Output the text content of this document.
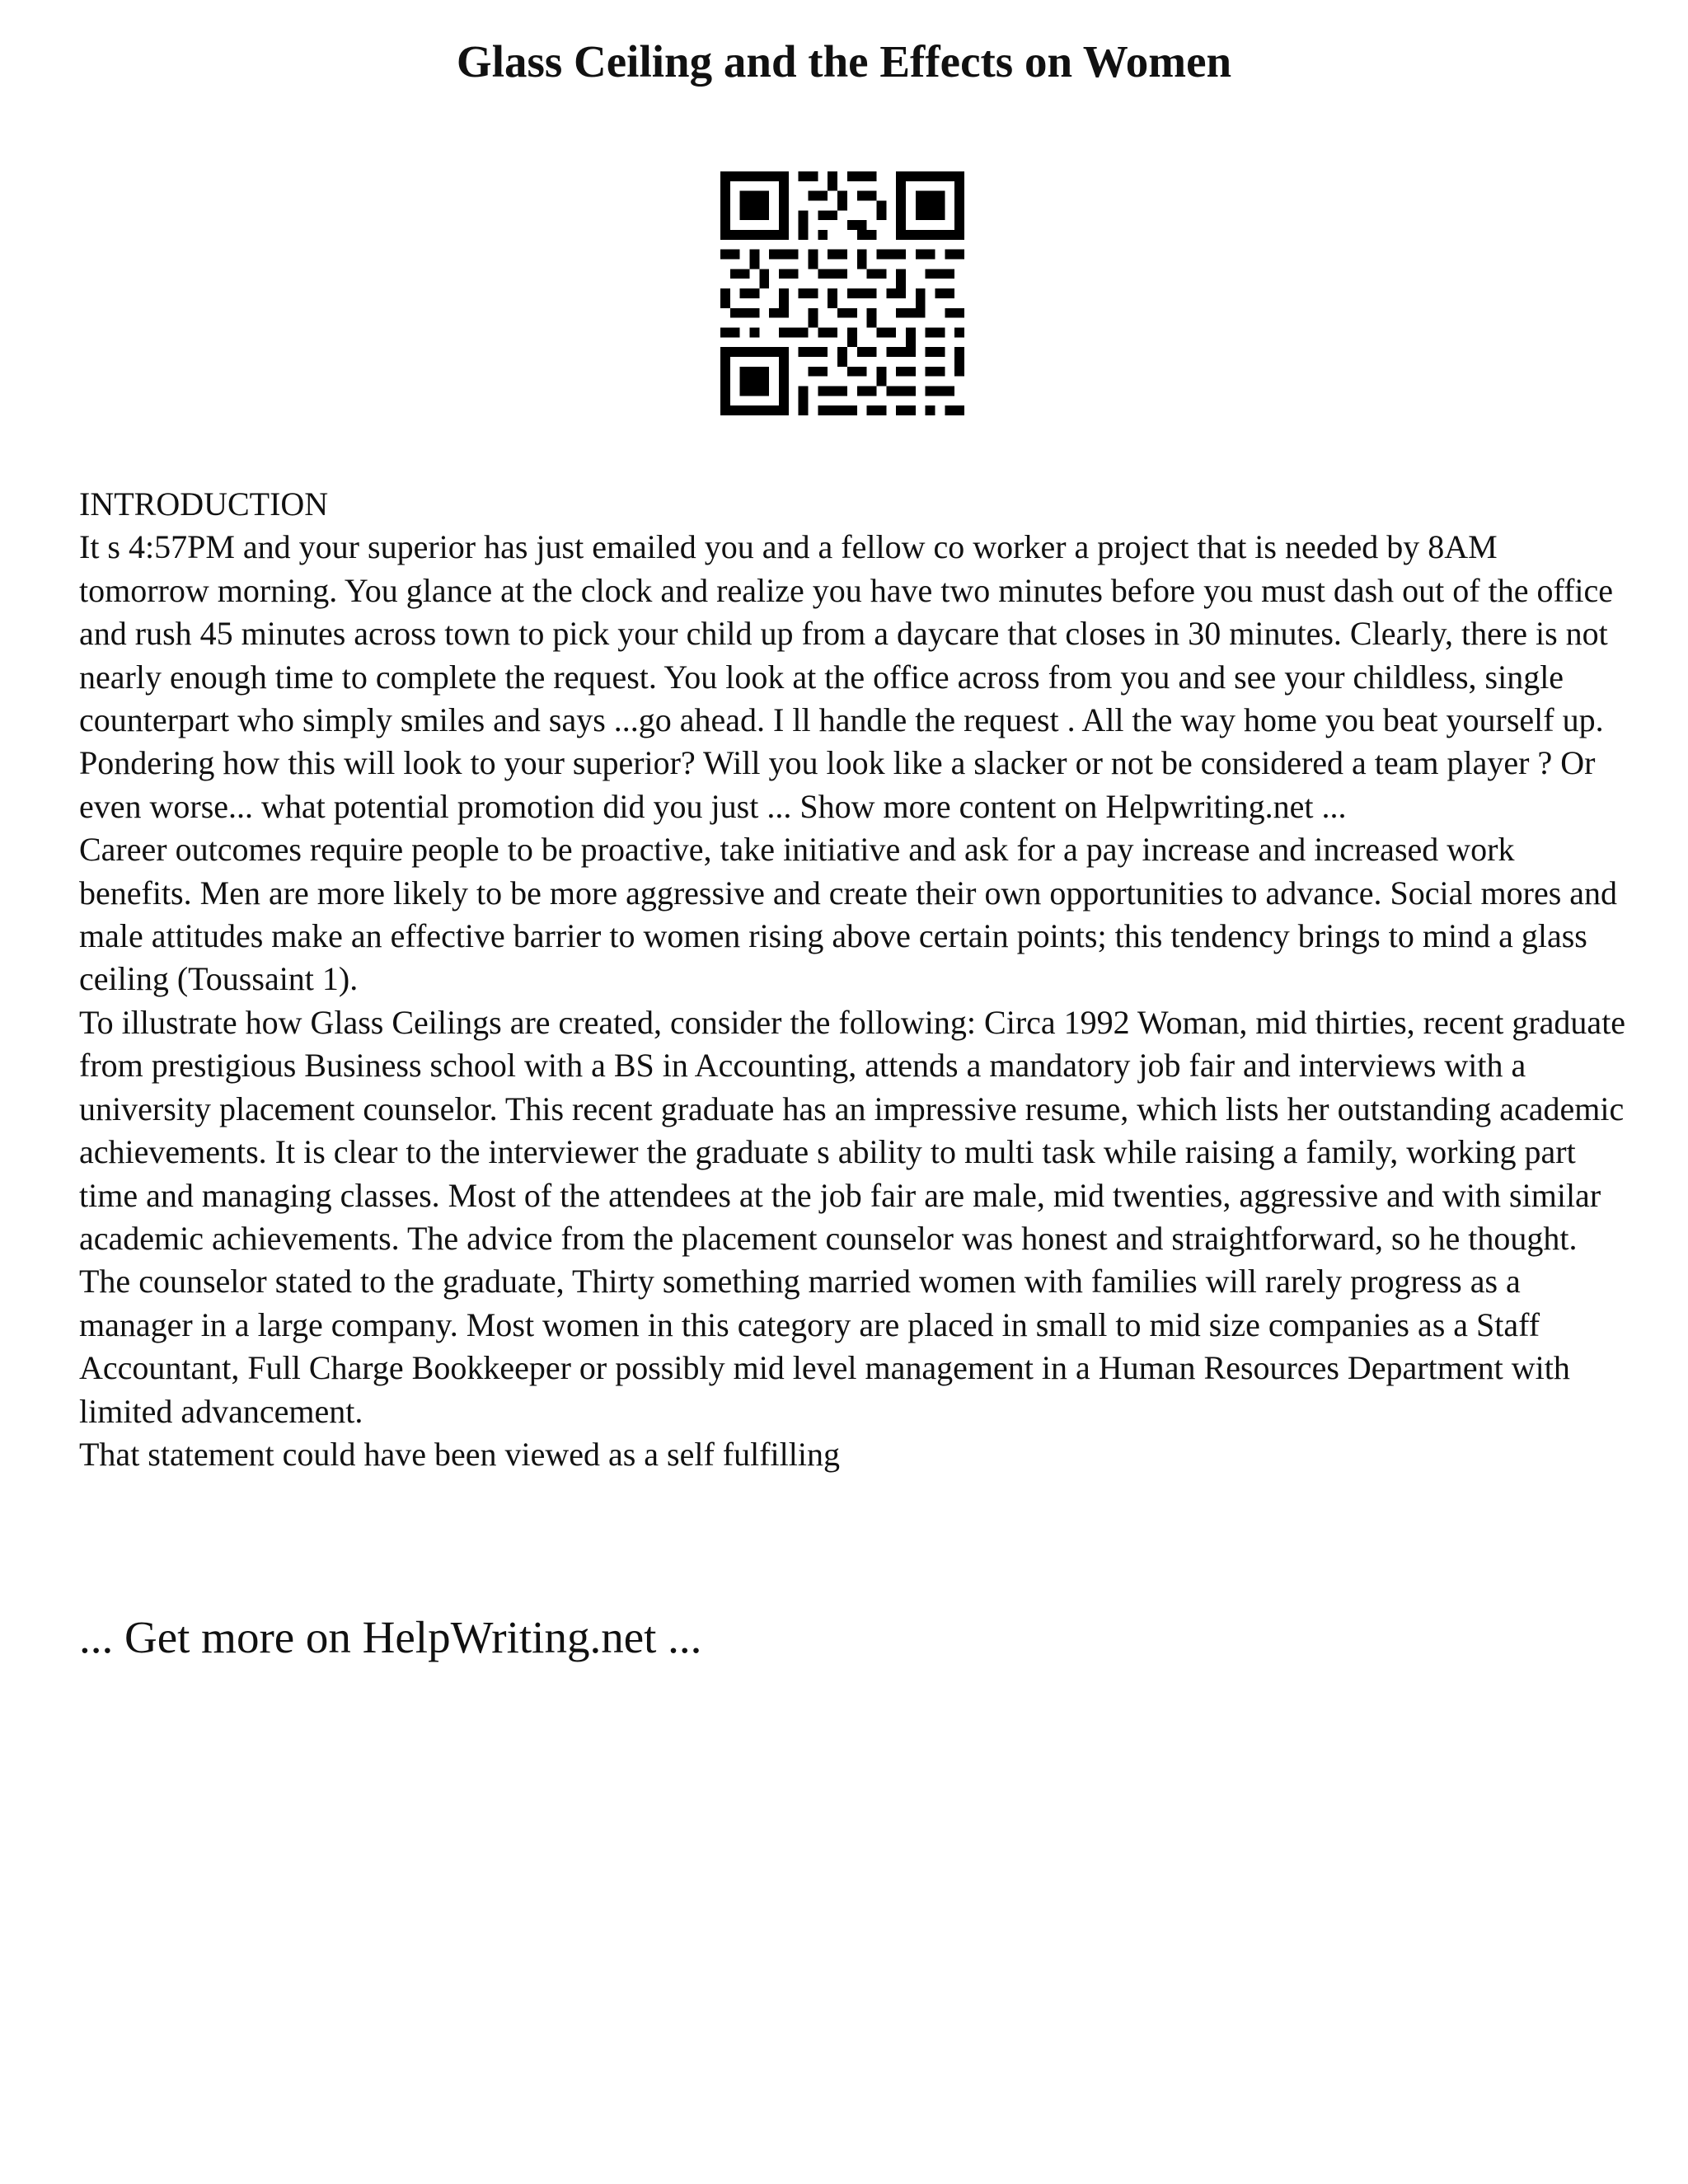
Glass Ceiling and the Effects on Women

INTRODUCTION

It s 4:57PM and your superior has just emailed you and a fellow co worker a project that is needed by 8AM tomorrow morning. You glance at the clock and realize you have two minutes before you must dash out of the office and rush 45 minutes across town to pick your child up from a daycare that closes in 30 minutes. Clearly, there is not nearly enough time to complete the request. You look at the office across from you and see your childless, single counterpart who simply smiles and says ...go ahead. I ll handle the request . All the way home you beat yourself up. Pondering how this will look to your superior? Will you look like a slacker or not be considered a team player ? Or even worse... what potential promotion did you just ... Show more content on Helpwriting.net ...

Career outcomes require people to be proactive, take initiative and ask for a pay increase and increased work benefits. Men are more likely to be more aggressive and create their own opportunities to advance. Social mores and male attitudes make an effective barrier to women rising above certain points; this tendency brings to mind a glass ceiling (Toussaint 1).

To illustrate how Glass Ceilings are created, consider the following: Circa 1992 Woman, mid thirties, recent graduate from prestigious Business school with a BS in Accounting, attends a mandatory job fair and interviews with a university placement counselor. This recent graduate has an impressive resume, which lists her outstanding academic achievements. It is clear to the interviewer the graduate s ability to multi task while raising a family, working part time and managing classes. Most of the attendees at the job fair are male, mid twenties, aggressive and with similar academic achievements. The advice from the placement counselor was honest and straightforward, so he thought. The counselor stated to the graduate, Thirty something married women with families will rarely progress as a manager in a large company. Most women in this category are placed in small to mid size companies as a Staff Accountant, Full Charge Bookkeeper or possibly mid level management in a Human Resources Department with limited advancement.

That statement could have been viewed as a self fulfilling

... Get more on HelpWriting.net ...
